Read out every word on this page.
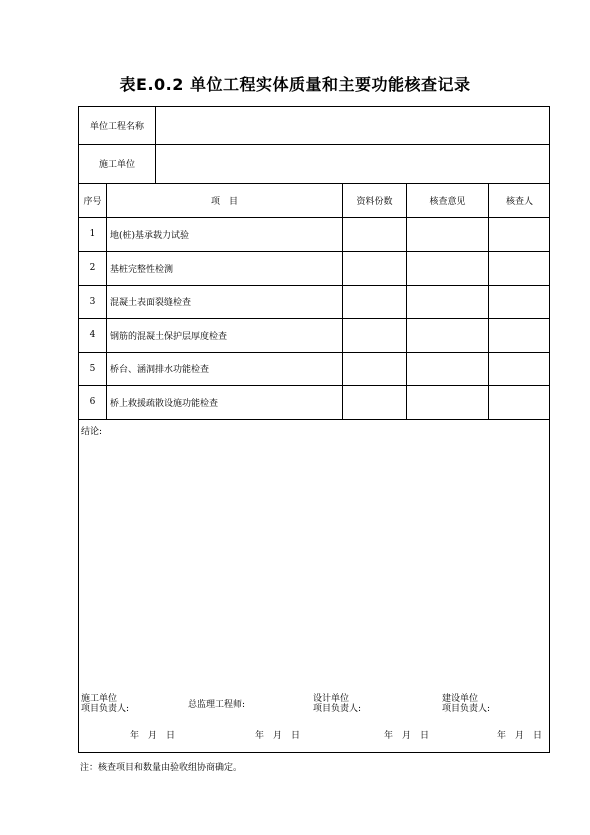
表E.0.2 单位工程实体质量和主要功能核查记录
单位工程名称
施工单位
序号	项　目	资料份数	核查意见	核查人
1	地(桩)基承载力试验
2	基桩完整性检测
3	混凝土表面裂缝检查
4	钢筋的混凝土保护层厚度检查
5	桥台、涵洞排水功能检查
6	桥上救援疏散设施功能检查
结论:
施工单位
项目负责人:	总监理工程师:
设计单位
项目负责人:
建设单位
项目负责人:
年　月　日	年　月　日	年　月　日	年　月　日
注：核查项目和数量由验收组协商确定。
